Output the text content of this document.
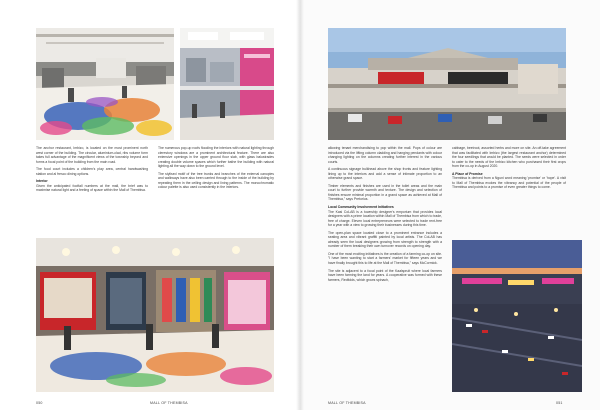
The anchor restaurant, Imbizo, is located on the most prominent north west corner of the building. The circular, aluminium-clad, ribs volume form takes full advantage of the magnificent views of the township beyond and forms a focal point of the building from the main road.

The food court includes a children's play area, central handwashing station and al fresco dining options.

Interior

Given the anticipated footfall numbers at the mall, the brief was to maximise natural light and a feeling of space within the Mall of Thembisa.

The numerous pop-up roofs flooding the interiors with natural lighting through clerestory windows are a prominent architectural feature. There are also extensive openings in the upper ground floor slab, with glass balustrades creating double volume spaces which further bathe the building with natural lighting all the way down to the ground level.

The stylised motif of the tree trunks and branches of the external canopies and walkways have also been carried through to the inside of the building by repeating them in the ceiling design and lining patterns. The monochromatic colour palette is also used consistently in the interiors.

050	MALL OF THEMBISA

allowing tenant merchandising to pop within the mall. Pops of colour are introduced via the lifting column cladding and hanging pendants with colour changing lighting on the columns creating further interest in the various courts.

A continuous signage bulkhead above the shop fronts and feature lighting lining up to the interiors and add a sense of intimate proportion to an otherwise grand space.

Timber elements and finishes are used in the toilet areas and the main court to further provide warmth and texture. The design and selection of finishes ensure minimal proportion in a grand space as achieved at Mall of Thembisa," says Pretorius.

Local Community Involvement Initiatives

The Kasi CoLAB is a township designer's emporium that provides local designers with a prime location within Mall of Thembisa from which to trade, free of charge. Eleven local entrepreneurs were selected to trade rent-free for a year with a view to growing their businesses during this time.

The open-plan space located close to a prominent entrance includes a seating area and vibrant graffiti painted by local artists. The CoLAB has already seen the local designers growing from strength to strength with a number of them breaking their own turnover records on opening day.

One of the most exciting initiatives is the creation of a farming co-op on site. "I have been wanting to start a farmers' market for fifteen years and we have finally brought this to life at the Mall of Thembisa," says McCormick.

The site is adjacent to a focal point of the Kaalspruit where local farmers have been farming the land for years. A cooperative was formed with these farmers, Redfolds, which grows spinach,

cabbage, beetroot, assorted herbs and more on site. An off-take agreement that was facilitated with Imbizo (the largest restaurant anchor) determined the four seedlings that would be planted. The seeds were selected in order to cater to the needs of the Imbizo kitchen who purchased their first crops from the co-op in August 2020.

A Place of Promise

Thembisa is derived from a Nguni word meaning 'promise' or 'hope'. A visit to Mall of Thembisa evokes the vibrancy and potential of the people of Thembisa and points to a promise of even greater things to come.

MALL OF THEMBISA	051
